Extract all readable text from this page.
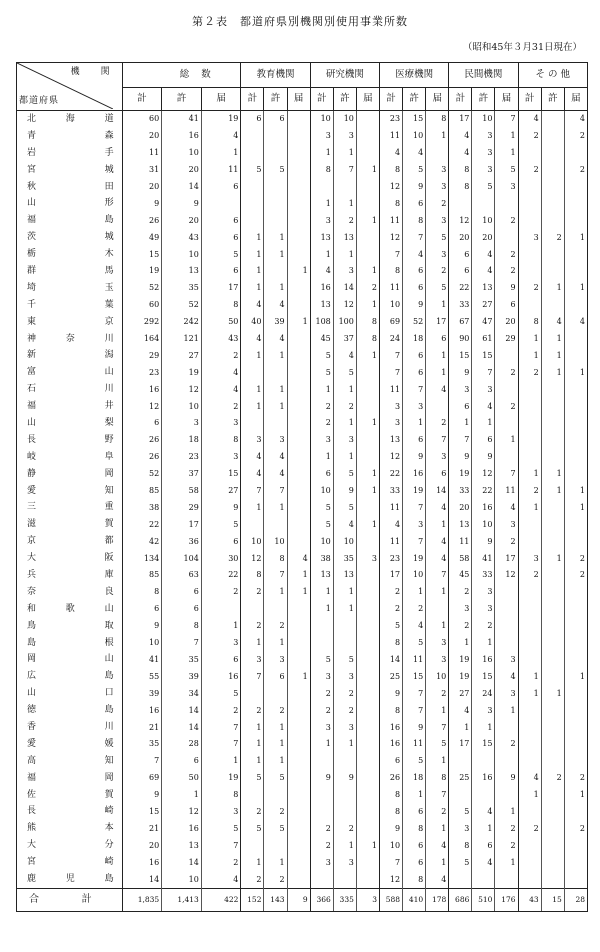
第２表　都道府県別機関別使用事業所数
（昭和45年３月31日現在）
機　関
都道府県	総		数	教育機関			研究機関			医療機関			民間機関			そ の 他		
	計	許	届	計	許	届	計	許	届	計	許	届	計	許	届	計	許	届
北海道	60	41	19	6	6		10	10		23	15	8	17	10	7	4		4
青森	20	16	4				3	3		11	10	1	4	3	1	2		2
岩手	11	10	1				1	1		4	4		4	3	1			
宮城	31	20	11	5	5		8	7	1	8	5	3	8	3	5	2		2
秋田	20	14	6							12	9	3	8	5	3			
山形	9	9					1	1		8	6	2						
福島	26	20	6				3	2	1	11	8	3	12	10	2			
茨城	49	43	6	1	1		13	13		12	7	5	20	20		3	2	1
栃木	15	10	5	1	1		1	1		7	4	3	6	4	2			
群馬	19	13	6	1		1	4	3	1	8	6	2	6	4	2			
埼玉	52	35	17	1	1		16	14	2	11	6	5	22	13	9	2	1	1
千葉	60	52	8	4	4		13	12	1	10	9	1	33	27	6			
東京	292	242	50	40	39	1	108	100	8	69	52	17	67	47	20	8	4	4
神奈川	164	121	43	4	4		45	37	8	24	18	6	90	61	29	1	1	
新潟	29	27	2	1	1		5	4	1	7	6	1	15	15		1	1	
富山	23	19	4				5	5		7	6	1	9	7	2	2	1	1
石川	16	12	4	1	1		1	1		11	7	4	3	3				
福井	12	10	2	1	1		2	2		3	3		6	4	2			
山梨	6	3	3				2	1	1	3	1	2	1	1				
長野	26	18	8	3	3		3	3		13	6	7	7	6	1			
岐阜	26	23	3	4	4		1	1		12	9	3	9	9				
静岡	52	37	15	4	4		6	5	1	22	16	6	19	12	7	1	1	
愛知	85	58	27	7	7		10	9	1	33	19	14	33	22	11	2	1	1
三重	38	29	9	1	1		5	5		11	7	4	20	16	4	1		1
滋賀	22	17	5				5	4	1	4	3	1	13	10	3			
京都	42	36	6	10	10		10	10		11	7	4	11	9	2			
大阪	134	104	30	12	8	4	38	35	3	23	19	4	58	41	17	3	1	2
兵庫	85	63	22	8	7	1	13	13		17	10	7	45	33	12	2		2
奈良	8	6	2	2	1	1	1	1		2	1	1	2	3				
和歌山	6	6					1	1		2	2		3	3				
鳥取	9	8	1	2	2					5	4	1	2	2				
島根	10	7	3	1	1					8	5	3	1	1				
岡山	41	35	6	3	3		5	5		14	11	3	19	16	3			
広島	55	39	16	7	6	1	3	3		25	15	10	19	15	4	1		1
山口	39	34	5				2	2		9	7	2	27	24	3	1	1	
徳島	16	14	2	2	2		2	2		8	7	1	4	3	1			
香川	21	14	7	1	1		3	3		16	9	7	1	1				
愛媛	35	28	7	1	1		1	1		16	11	5	17	15	2			
高知	7	6	1	1	1					6	5	1						
福岡	69	50	19	5	5		9	9		26	18	8	25	16	9	4	2	2
佐賀	9	1	8							8	1	7				1		1
長崎	15	12	3	2	2					8	6	2	5	4	1			
熊本	21	16	5	5	5		2	2		9	8	1	3	1	2	2		2
大分	20	13	7				2	1	1	10	6	4	8	6	2			
宮崎	16	14	2	1	1		3	3		7	6	1	5	4	1			
鹿児島	14	10	4	2	2					12	8	4						
合計	1,835	1,413	422	152	143	9	366	335	3	588	410	178	686	510	176	43	15	28
